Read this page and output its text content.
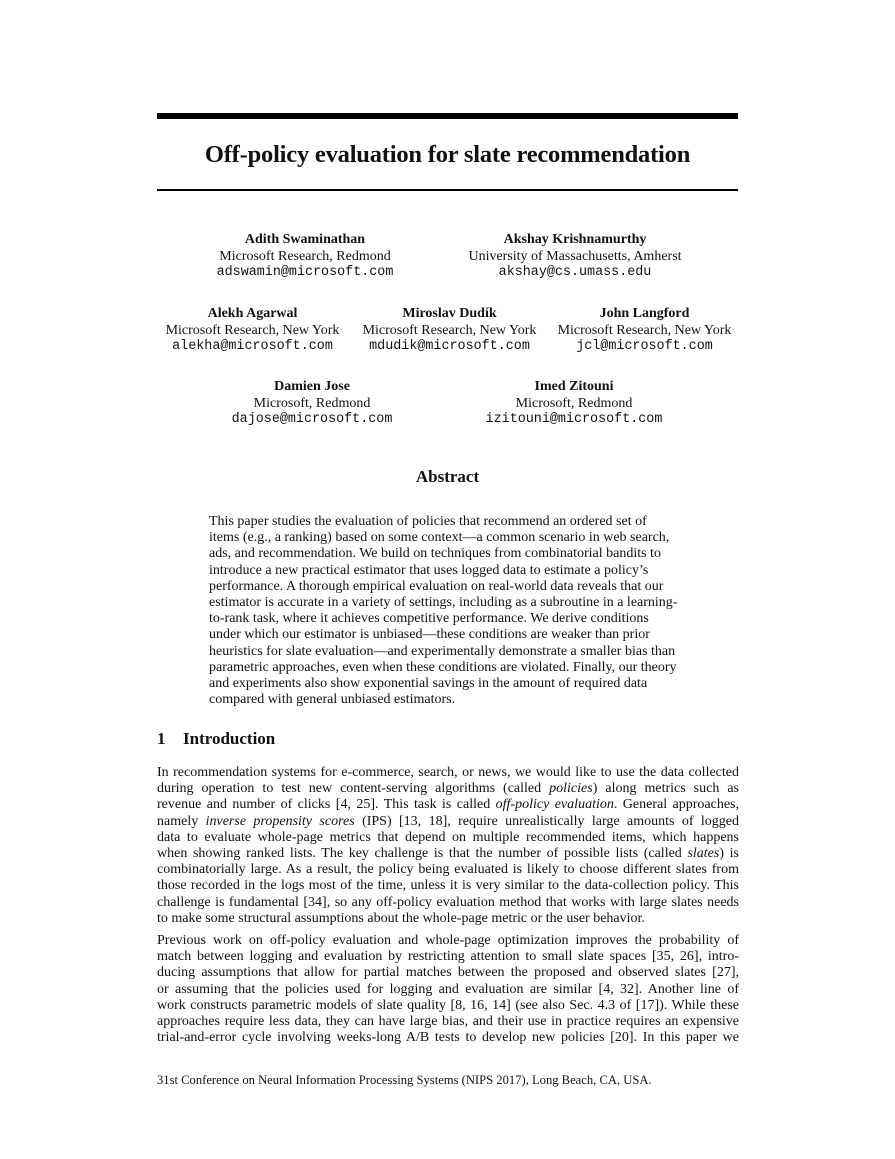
Off-policy evaluation for slate recommendation
Adith Swaminathan
Microsoft Research, Redmond
adswamin@microsoft.com
Akshay Krishnamurthy
University of Massachusetts, Amherst
akshay@cs.umass.edu
Alekh Agarwal
Microsoft Research, New York
alekha@microsoft.com
Miroslav Dudík
Microsoft Research, New York
mdudik@microsoft.com
John Langford
Microsoft Research, New York
jcl@microsoft.com
Damien Jose
Microsoft, Redmond
dajose@microsoft.com
Imed Zitouni
Microsoft, Redmond
izitouni@microsoft.com
Abstract
This paper studies the evaluation of policies that recommend an ordered set of
items (e.g., a ranking) based on some context—a common scenario in web search,
ads, and recommendation. We build on techniques from combinatorial bandits to
introduce a new practical estimator that uses logged data to estimate a policy’s
performance. A thorough empirical evaluation on real-world data reveals that our
estimator is accurate in a variety of settings, including as a subroutine in a learning-
to-rank task, where it achieves competitive performance. We derive conditions
under which our estimator is unbiased—these conditions are weaker than prior
heuristics for slate evaluation—and experimentally demonstrate a smaller bias than
parametric approaches, even when these conditions are violated. Finally, our theory
and experiments also show exponential savings in the amount of required data
compared with general unbiased estimators.
1 Introduction
In recommendation systems for e-commerce, search, or news, we would like to use the data collected
during operation to test new content-serving algorithms (called policies) along metrics such as
revenue and number of clicks [4, 25]. This task is called off-policy evaluation. General approaches,
namely inverse propensity scores (IPS) [13, 18], require unrealistically large amounts of logged
data to evaluate whole-page metrics that depend on multiple recommended items, which happens
when showing ranked lists. The key challenge is that the number of possible lists (called slates) is
combinatorially large. As a result, the policy being evaluated is likely to choose different slates from
those recorded in the logs most of the time, unless it is very similar to the data-collection policy. This
challenge is fundamental [34], so any off-policy evaluation method that works with large slates needs
to make some structural assumptions about the whole-page metric or the user behavior.
Previous work on off-policy evaluation and whole-page optimization improves the probability of
match between logging and evaluation by restricting attention to small slate spaces [35, 26], intro-
ducing assumptions that allow for partial matches between the proposed and observed slates [27],
or assuming that the policies used for logging and evaluation are similar [4, 32]. Another line of
work constructs parametric models of slate quality [8, 16, 14] (see also Sec. 4.3 of [17]). While these
approaches require less data, they can have large bias, and their use in practice requires an expensive
trial-and-error cycle involving weeks-long A/B tests to develop new policies [20]. In this paper we
31st Conference on Neural Information Processing Systems (NIPS 2017), Long Beach, CA, USA.
